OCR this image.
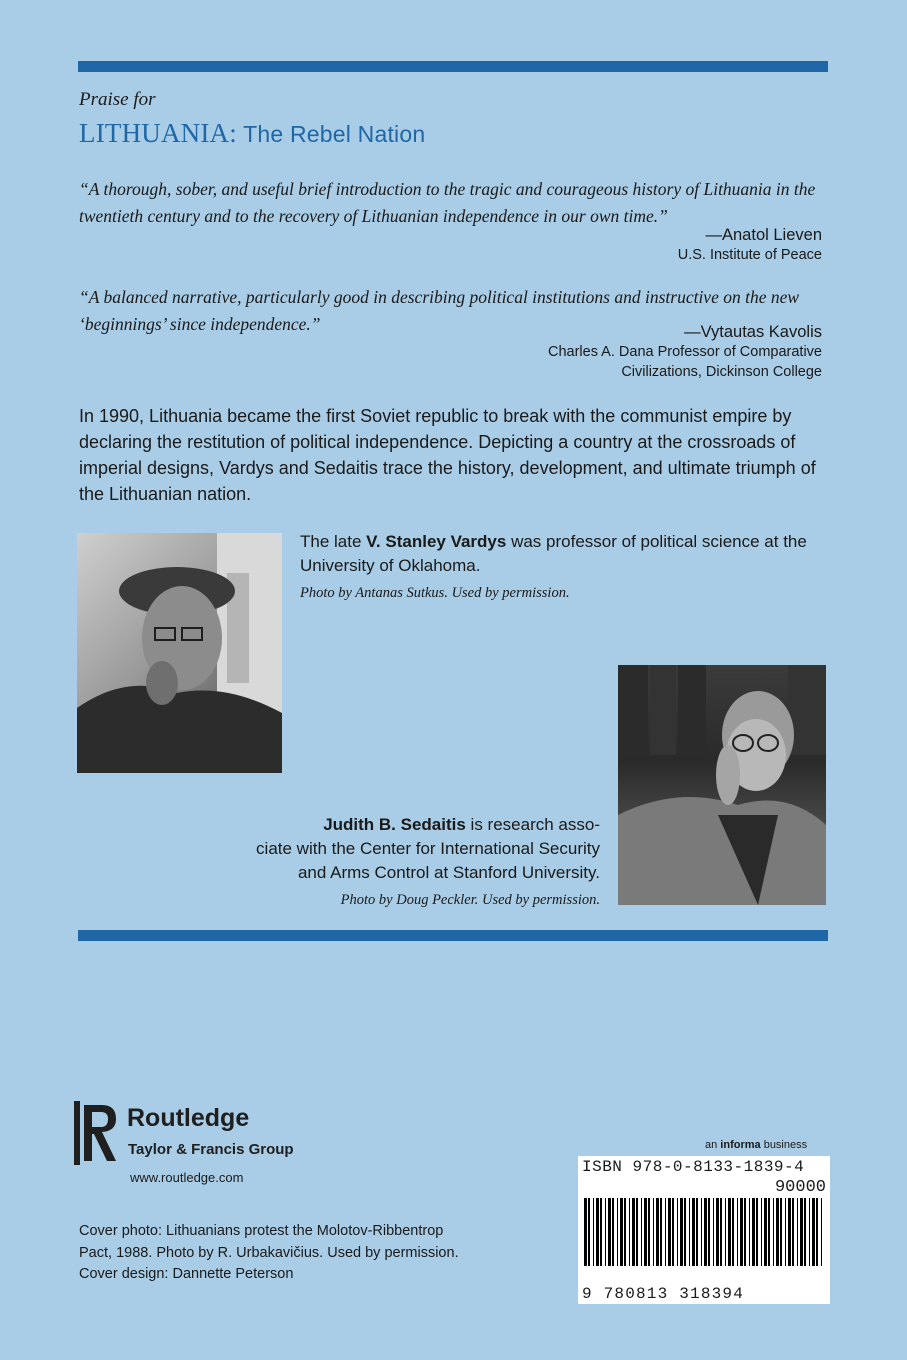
Praise for
LITHUANIA: The Rebel Nation
“A thorough, sober, and useful brief introduction to the tragic and courageous history of Lithuania in the twentieth century and to the recovery of Lithuanian independence in our own time.”
—Anatol Lieven
U.S. Institute of Peace
“A balanced narrative, particularly good in describing political institutions and instructive on the new ‘beginnings’ since independence.”	—Vytautas Kavolis
Charles A. Dana Professor of Comparative
Civilizations, Dickinson College
In 1990, Lithuania became the first Soviet republic to break with the communist empire by declaring the restitution of political independence. Depicting a country at the crossroads of imperial designs, Vardys and Sedaitis trace the history, development, and ultimate triumph of the Lithuanian nation.
The late V. Stanley Vardys was professor of political science at the University of Oklahoma.
Photo by Antanas Sutkus. Used by permission.
Judith B. Sedaitis is research asso-
ciate with the Center for International Security
and Arms Control at Stanford University.
Photo by Doug Peckler. Used by permission.
Routledge
Taylor & Francis Group
www.routledge.com
an informa business
ISBN 978-0-8133-1839-4
90000
9 780813 318394
Cover photo: Lithuanians protest the Molotov-Ribbentrop
Pact, 1988. Photo by R. Urbakavičius. Used by permission.
Cover design: Dannette Peterson
